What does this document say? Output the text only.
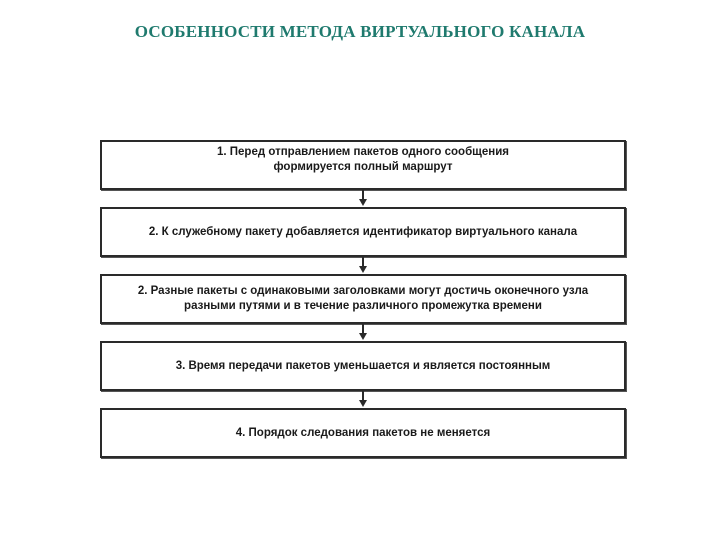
ОСОБЕННОСТИ МЕТОДА ВИРТУАЛЬНОГО КАНАЛА
1. Перед отправлением пакетов одного сообщения
формируется полный маршрут
2. К служебному пакету добавляется идентификатор виртуального канала
2. Разные пакеты с одинаковыми заголовками могут достичь оконечного узла
разными путями и в течение различного промежутка времени
3. Время передачи пакетов уменьшается и является постоянным
4. Порядок следования пакетов не меняется
